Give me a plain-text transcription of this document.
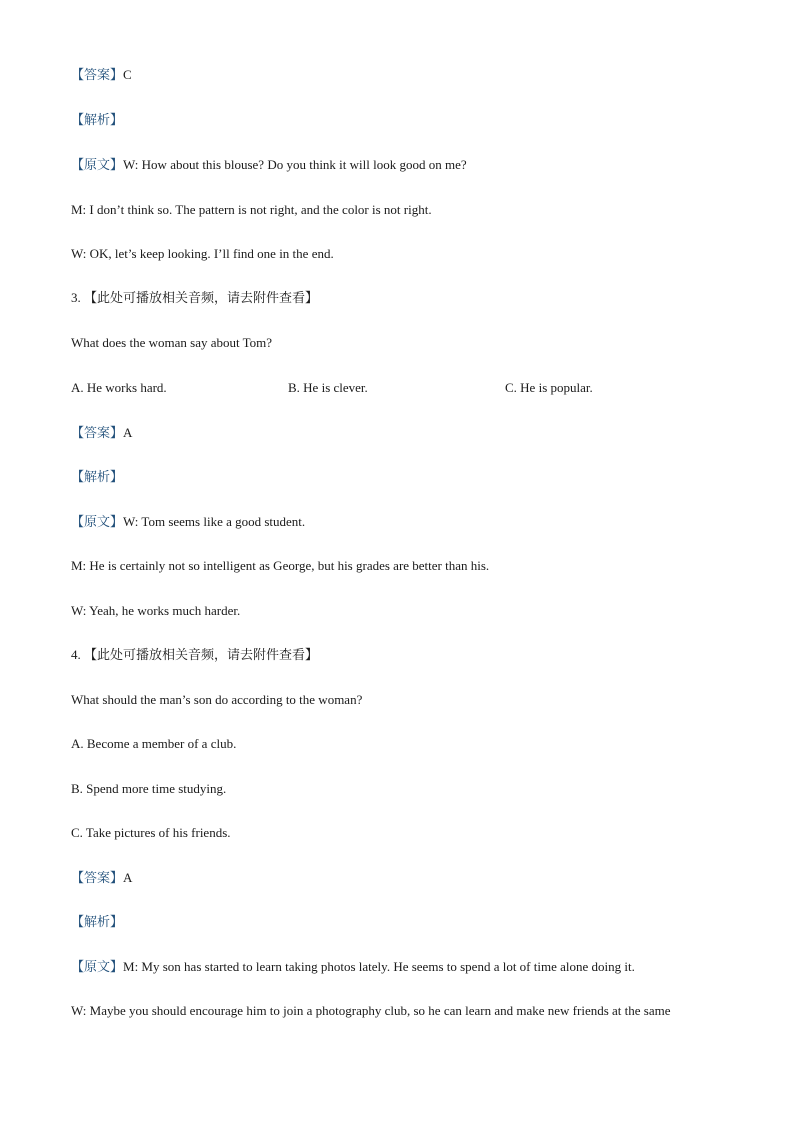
【答案】C
【解析】
【原文】W: How about this blouse? Do you think it will look good on me?
M: I don’t think so. The pattern is not right, and the color is not right.
W: OK, let’s keep looking. I’ll find one in the end.
3. 【此处可播放相关音频，请去附件查看】
What does the woman say about Tom?
A. He works hard.	B. He is clever.	C. He is popular.
【答案】A
【解析】
【原文】W: Tom seems like a good student.
M: He is certainly not so intelligent as George, but his grades are better than his.
W: Yeah, he works much harder.
4. 【此处可播放相关音频，请去附件查看】
What should the man’s son do according to the woman?
A. Become a member of a club.
B. Spend more time studying.
C. Take pictures of his friends.
【答案】A
【解析】
【原文】M: My son has started to learn taking photos lately. He seems to spend a lot of time alone doing it.
W: Maybe you should encourage him to join a photography club, so he can learn and make new friends at the same
